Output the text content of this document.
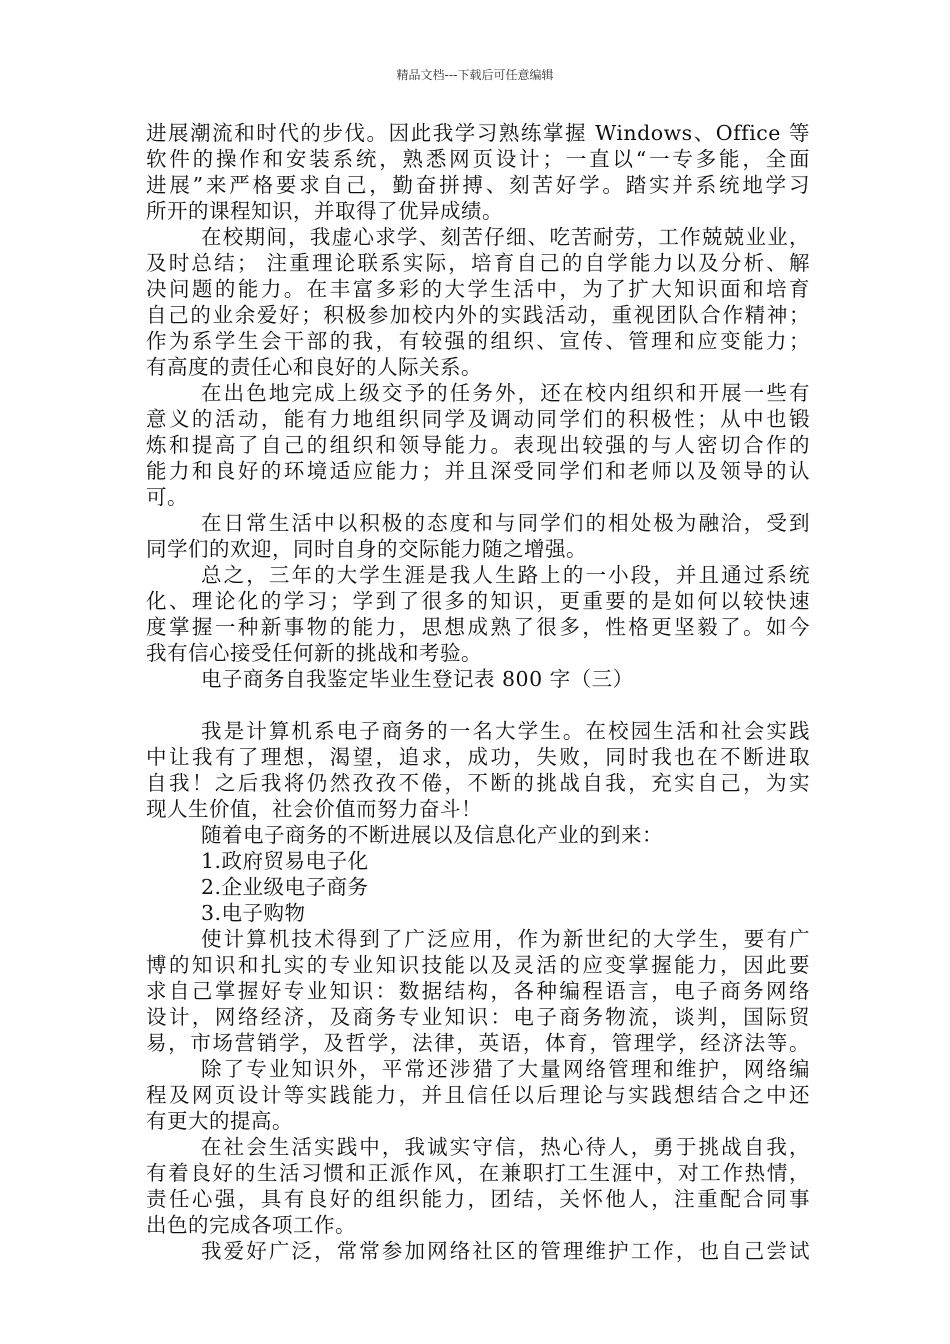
精品文档---下载后可任意编辑
进展潮流和时代的步伐。因此我学习熟练掌握 Windows、Office 等
软件的操作和安装系统，熟悉网页设计；一直以“一专多能，全面
进展”来严格要求自己，勤奋拼搏、刻苦好学。踏实并系统地学习
所开的课程知识，并取得了优异成绩。
在校期间，我虚心求学、刻苦仔细、吃苦耐劳，工作兢兢业业，
及时总结； 注重理论联系实际，培育自己的自学能力以及分析、解
决问题的能力。在丰富多彩的大学生活中，为了扩大知识面和培育
自己的业余爱好；积极参加校内外的实践活动，重视团队合作精神；
作为系学生会干部的我，有较强的组织、宣传、管理和应变能力；
有高度的责任心和良好的人际关系。
在出色地完成上级交予的任务外，还在校内组织和开展一些有
意义的活动，能有力地组织同学及调动同学们的积极性；从中也锻
炼和提高了自己的组织和领导能力。表现出较强的与人密切合作的
能力和良好的环境适应能力；并且深受同学们和老师以及领导的认
可。
在日常生活中以积极的态度和与同学们的相处极为融洽，受到
同学们的欢迎，同时自身的交际能力随之增强。
总之，三年的大学生涯是我人生路上的一小段，并且通过系统
化、理论化的学习；学到了很多的知识，更重要的是如何以较快速
度掌握一种新事物的能力，思想成熟了很多，性格更坚毅了。如今
我有信心接受任何新的挑战和考验。
电子商务自我鉴定毕业生登记表 800 字（三）
我是计算机系电子商务的一名大学生。在校园生活和社会实践
中让我有了理想，渴望，追求，成功，失败，同时我也在不断进取
自我！之后我将仍然孜孜不倦，不断的挑战自我，充实自己，为实
现人生价值，社会价值而努力奋斗！
随着电子商务的不断进展以及信息化产业的到来：
1.政府贸易电子化
2.企业级电子商务
3.电子购物
使计算机技术得到了广泛应用，作为新世纪的大学生，要有广
博的知识和扎实的专业知识技能以及灵活的应变掌握能力，因此要
求自己掌握好专业知识：数据结构，各种编程语言，电子商务网络
设计，网络经济，及商务专业知识：电子商务物流，谈判，国际贸
易，市场营销学，及哲学，法律，英语，体育，管理学，经济法等。
除了专业知识外，平常还涉猎了大量网络管理和维护，网络编
程及网页设计等实践能力，并且信任以后理论与实践想结合之中还
有更大的提高。
在社会生活实践中，我诚实守信，热心待人，勇于挑战自我，
有着良好的生活习惯和正派作风，在兼职打工生涯中，对工作热情，
责任心强，具有良好的组织能力，团结，关怀他人，注重配合同事
出色的完成各项工作。
我爱好广泛，常常参加网络社区的管理维护工作，也自己尝试
